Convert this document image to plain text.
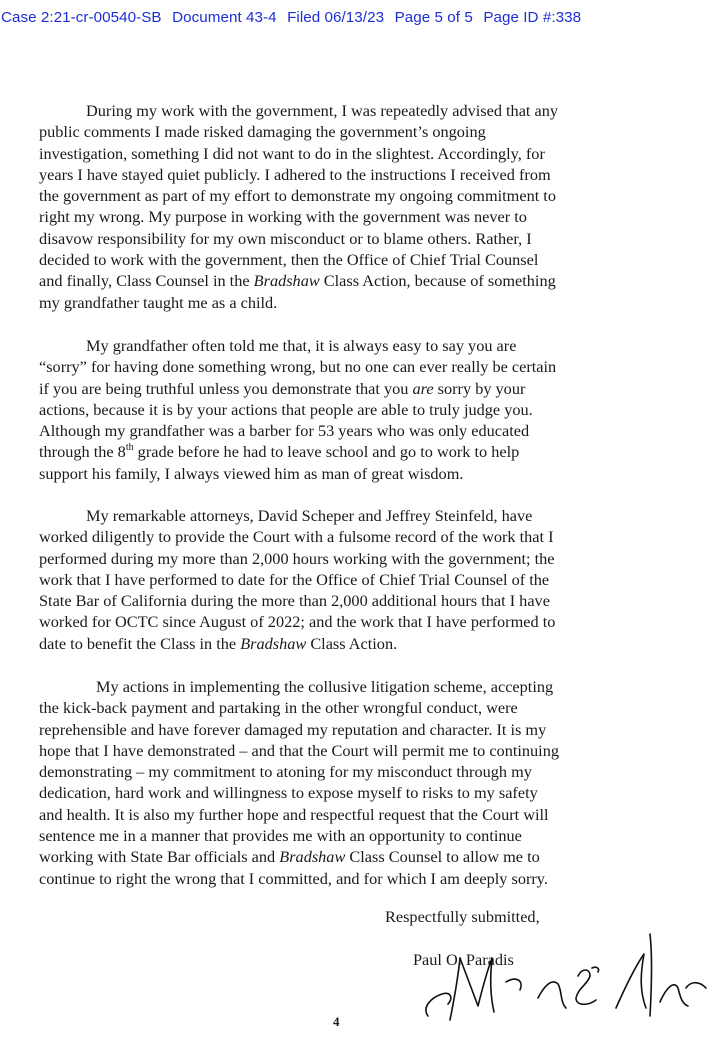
Case 2:21-cr-00540-SB Document 43-4 Filed 06/13/23 Page 5 of 5 Page ID #:338

During my work with the government, I was repeatedly advised that any
public comments I made risked damaging the government’s ongoing
investigation, something I did not want to do in the slightest. Accordingly, for
years I have stayed quiet publicly. I adhered to the instructions I received from
the government as part of my effort to demonstrate my ongoing commitment to
right my wrong. My purpose in working with the government was never to
disavow responsibility for my own misconduct or to blame others. Rather, I
decided to work with the government, then the Office of Chief Trial Counsel
and finally, Class Counsel in the Bradshaw Class Action, because of something
my grandfather taught me as a child.

My grandfather often told me that, it is always easy to say you are
“sorry” for having done something wrong, but no one can ever really be certain
if you are being truthful unless you demonstrate that you are sorry by your
actions, because it is by your actions that people are able to truly judge you.
Although my grandfather was a barber for 53 years who was only educated
through the 8th grade before he had to leave school and go to work to help
support his family, I always viewed him as man of great wisdom.

My remarkable attorneys, David Scheper and Jeffrey Steinfeld, have
worked diligently to provide the Court with a fulsome record of the work that I
performed during my more than 2,000 hours working with the government; the
work that I have performed to date for the Office of Chief Trial Counsel of the
State Bar of California during the more than 2,000 additional hours that I have
worked for OCTC since August of 2022; and the work that I have performed to
date to benefit the Class in the Bradshaw Class Action.

My actions in implementing the collusive litigation scheme, accepting
the kick-back payment and partaking in the other wrongful conduct, were
reprehensible and have forever damaged my reputation and character. It is my
hope that I have demonstrated – and that the Court will permit me to continuing
demonstrating – my commitment to atoning for my misconduct through my
dedication, hard work and willingness to expose myself to risks to my safety
and health. It is also my further hope and respectful request that the Court will
sentence me in a manner that provides me with an opportunity to continue
working with State Bar officials and Bradshaw Class Counsel to allow me to
continue to right the wrong that I committed, and for which I am deeply sorry.

Respectfully submitted,

Paul O. Paradis

4
